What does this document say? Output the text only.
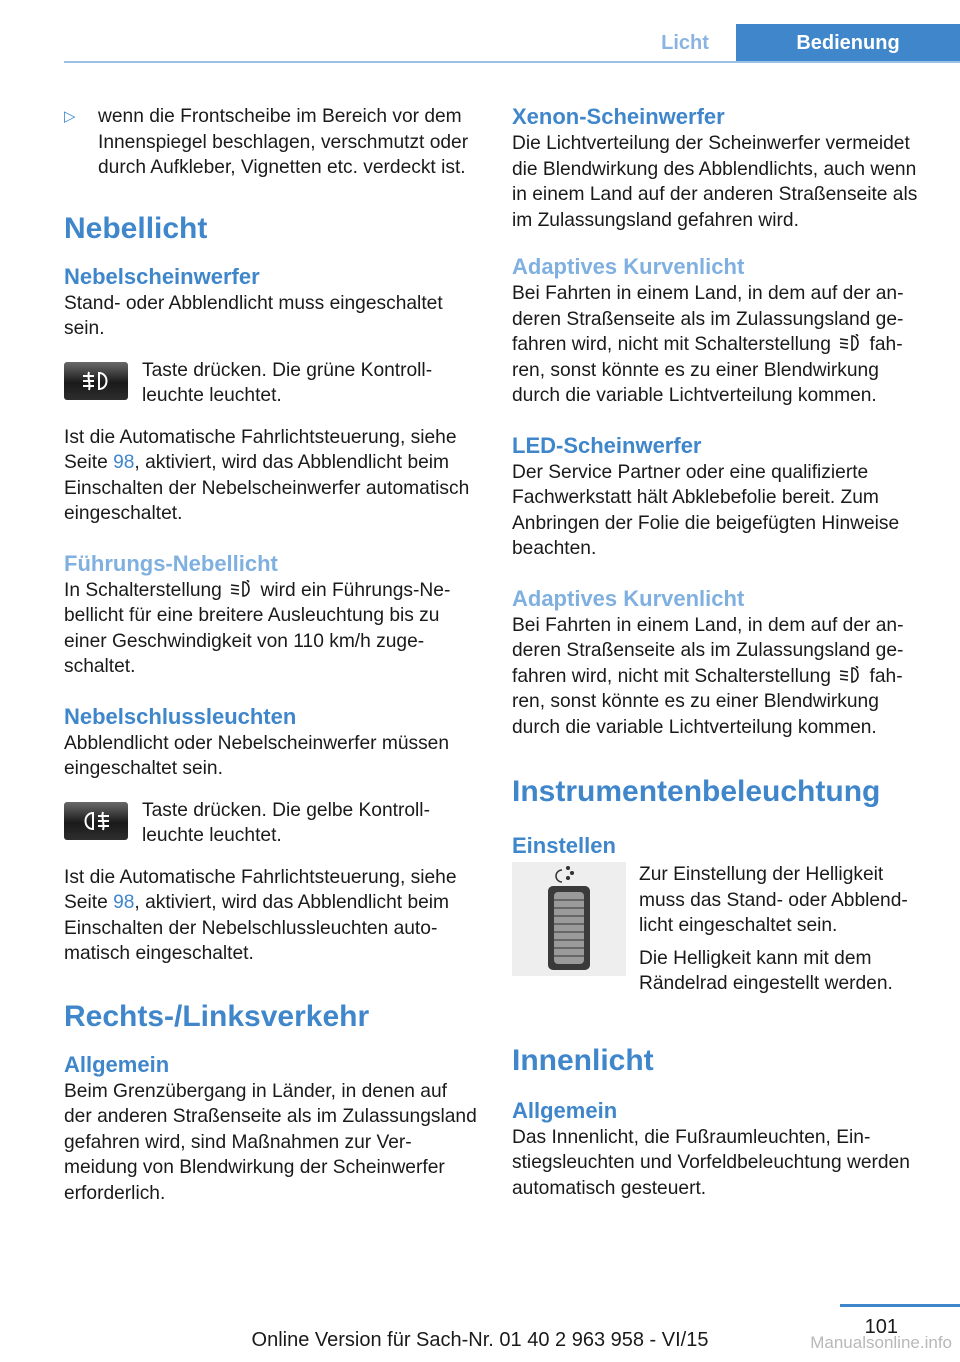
Licht	Bedienung
▷	wenn die Frontscheibe im Bereich vor dem Innenspiegel beschlagen, verschmutzt oder durch Aufkleber, Vignetten etc. verdeckt ist.

Nebellicht
Nebelscheinwerfer

Stand- oder Abblendlicht muss eingeschaltet sein.

Taste drücken. Die grüne Kontrollleuchte leuchtet.

Ist die Automatische Fahrlichtsteuerung, siehe Seite 98, aktiviert, wird das Abblendlicht beim Einschalten der Nebelscheinwerfer automatisch eingeschaltet.

Führungs-Nebellicht

In Schalterstellung  wird ein Führungs-Nebellicht für eine breitere Ausleuchtung bis zu einer Geschwindigkeit von 110 km/h zugeschaltet.

Nebelschlussleuchten

Abblendlicht oder Nebelscheinwerfer müssen eingeschaltet sein.

Taste drücken. Die gelbe Kontrollleuchte leuchtet.

Ist die Automatische Fahrlichtsteuerung, siehe Seite 98, aktiviert, wird das Abblendlicht beim Einschalten der Nebelschlussleuchten automatisch eingeschaltet.

Rechts-/Linksverkehr
Allgemein

Beim Grenzübergang in Länder, in denen auf der anderen Straßenseite als im Zulassungsland gefahren wird, sind Maßnahmen zur Vermeidung von Blendwirkung der Scheinwerfer erforderlich.

Xenon-Scheinwerfer

Die Lichtverteilung der Scheinwerfer vermeidet die Blendwirkung des Abblendlichts, auch wenn in einem Land auf der anderen Straßenseite als im Zulassungsland gefahren wird.

Adaptives Kurvenlicht

Bei Fahrten in einem Land, in dem auf der anderen Straßenseite als im Zulassungsland gefahren wird, nicht mit Schalterstellung  fahren, sonst könnte es zu einer Blendwirkung durch die variable Lichtverteilung kommen.

LED-Scheinwerfer

Der Service Partner oder eine qualifizierte Fachwerkstatt hält Abklebefolie bereit. Zum Anbringen der Folie die beigefügten Hinweise beachten.

Adaptives Kurvenlicht

Bei Fahrten in einem Land, in dem auf der anderen Straßenseite als im Zulassungsland gefahren wird, nicht mit Schalterstellung  fahren, sonst könnte es zu einer Blendwirkung durch die variable Lichtverteilung kommen.

Instrumentenbeleuchtung
Einstellen

Zur Einstellung der Helligkeit muss das Stand- oder Abblendlicht eingeschaltet sein.

Die Helligkeit kann mit dem Rändelrad eingestellt werden.

Innenlicht
Allgemein

Das Innenlicht, die Fußraumleuchten, Einstiegsleuchten und Vorfeldbeleuchtung werden automatisch gesteuert.

101
Online Version für Sach-Nr. 01 40 2 963 958 - VI/15	Manualsonline.info
